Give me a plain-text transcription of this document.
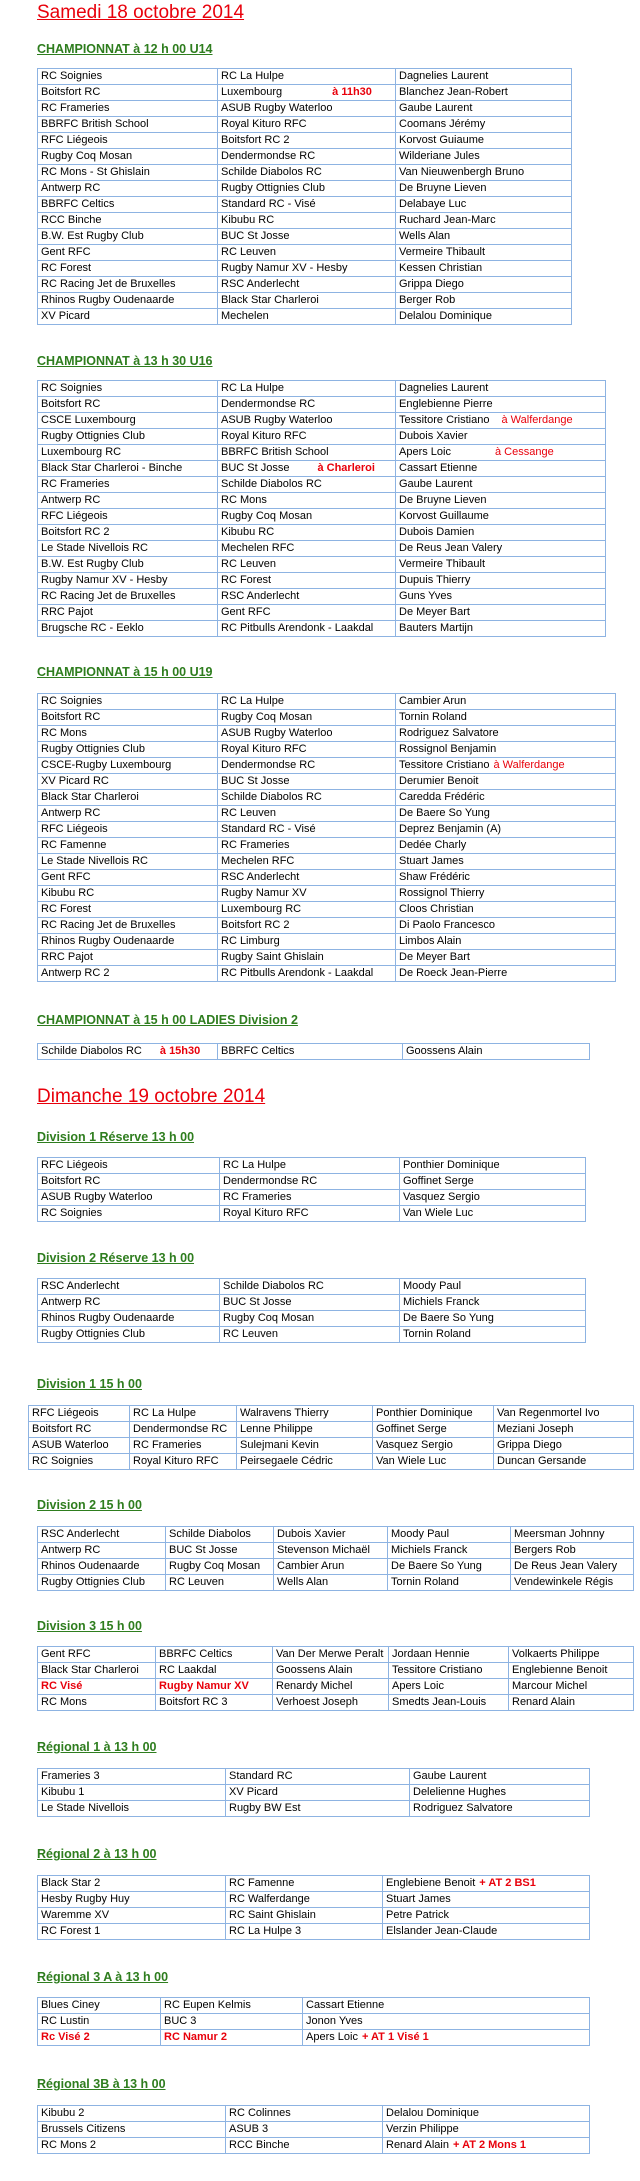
Samedi 18 octobre 2014
CHAMPIONNAT à 12 h 00 U14
RC Soignies	RC La Hulpe	Dagnelies Laurent
Boitsfort RC	Luxembourg à 11h30	Blanchez Jean-Robert
RC Frameries	ASUB Rugby Waterloo	Gaube Laurent
BBRFC British School	Royal Kituro RFC	Coomans Jérémy
RFC Liégeois	Boitsfort RC 2	Korvost Guiaume
Rugby Coq Mosan	Dendermondse RC	Wilderiane Jules
RC Mons - St Ghislain	Schilde Diabolos RC	Van Nieuwenbergh Bruno
Antwerp RC	Rugby Ottignies Club	De Bruyne Lieven
BBRFC Celtics	Standard RC - Visé	Delabaye Luc
RCC Binche	Kibubu RC	Ruchard Jean-Marc
B.W. Est Rugby Club	BUC St Josse	Wells Alan
Gent RFC	RC Leuven	Vermeire Thibault
RC Forest	Rugby Namur XV - Hesby	Kessen Christian
RC Racing Jet de Bruxelles	RSC Anderlecht	Grippa Diego
Rhinos Rugby Oudenaarde	Black Star Charleroi	Berger Rob
XV Picard	Mechelen	Delalou Dominique
CHAMPIONNAT à 13 h 30 U16
RC Soignies	RC La Hulpe	Dagnelies Laurent
Boitsfort RC	Dendermondse RC	Englebienne Pierre
CSCE Luxembourg	ASUB Rugby Waterloo	Tessitore Cristiano à Walferdange
Rugby Ottignies Club	Royal Kituro RFC	Dubois Xavier
Luxembourg RC	BBRFC British School	Apers Loic à Cessange
Black Star Charleroi - Binche	BUC St Josse à Charleroi	Cassart Etienne
RC Frameries	Schilde Diabolos RC	Gaube Laurent
Antwerp RC	RC Mons	De Bruyne Lieven
RFC Liégeois	Rugby Coq Mosan	Korvost Guillaume
Boitsfort RC 2	Kibubu RC	Dubois Damien
Le Stade Nivellois RC	Mechelen RFC	De Reus Jean Valery
B.W. Est Rugby Club	RC Leuven	Vermeire Thibault
Rugby Namur XV - Hesby	RC Forest	Dupuis Thierry
RC Racing Jet de Bruxelles	RSC Anderlecht	Guns Yves
RRC Pajot	Gent RFC	De Meyer Bart
Brugsche RC - Eeklo	RC Pitbulls Arendonk - Laakdal	Bauters Martijn
CHAMPIONNAT à 15 h 00 U19
RC Soignies	RC La Hulpe	Cambier Arun
Boitsfort RC	Rugby Coq Mosan	Tornin Roland
RC Mons	ASUB Rugby Waterloo	Rodriguez Salvatore
Rugby Ottignies Club	Royal Kituro RFC	Rossignol Benjamin
CSCE-Rugby Luxembourg	Dendermondse RC	Tessitore Cristiano à Walferdange
XV Picard RC	BUC St Josse	Derumier Benoit
Black Star Charleroi	Schilde Diabolos RC	Caredda Frédéric
Antwerp RC	RC Leuven	De Baere So Yung
RFC Liégeois	Standard RC - Visé	Deprez Benjamin (A)
RC Famenne	RC Frameries	Dedée Charly
Le Stade Nivellois RC	Mechelen RFC	Stuart James
Gent RFC	RSC Anderlecht	Shaw Frédéric
Kibubu RC	Rugby Namur XV	Rossignol Thierry
RC Forest	Luxembourg RC	Cloos Christian
RC Racing Jet de Bruxelles	Boitsfort RC 2	Di Paolo Francesco
Rhinos Rugby Oudenaarde	RC Limburg	Limbos Alain
RRC Pajot	Rugby Saint Ghislain	De Meyer Bart
Antwerp RC 2	RC Pitbulls Arendonk - Laakdal	De Roeck Jean-Pierre
CHAMPIONNAT à 15 h 00 LADIES Division 2
Schilde Diabolos RC à 15h30	BBRFC Celtics	Goossens Alain
Dimanche 19 octobre 2014
Division 1 Réserve 13 h 00
RFC Liégeois	RC La Hulpe	Ponthier Dominique
Boitsfort RC	Dendermondse RC	Goffinet Serge
ASUB Rugby Waterloo	RC Frameries	Vasquez Sergio
RC Soignies	Royal Kituro RFC	Van Wiele Luc
Division 2 Réserve 13 h 00
RSC Anderlecht	Schilde Diabolos RC	Moody Paul
Antwerp RC	BUC St Josse	Michiels Franck
Rhinos Rugby Oudenaarde	Rugby Coq Mosan	De Baere So Yung
Rugby Ottignies Club	RC Leuven	Tornin Roland
Division 1 15 h 00
RFC Liégeois	RC La Hulpe	Walravens Thierry	Ponthier Dominique	Van Regenmortel Ivo
Boitsfort RC	Dendermondse RC	Lenne Philippe	Goffinet Serge	Meziani Joseph
ASUB Waterloo	RC Frameries	Sulejmani Kevin	Vasquez Sergio	Grippa Diego
RC Soignies	Royal Kituro RFC	Peirsegaele Cédric	Van Wiele Luc	Duncan Gersande
Division 2 15 h 00
RSC Anderlecht	Schilde Diabolos	Dubois Xavier	Moody Paul	Meersman Johnny
Antwerp RC	BUC St Josse	Stevenson Michaël	Michiels Franck	Bergers Rob
Rhinos Oudenaarde	Rugby Coq Mosan	Cambier Arun	De Baere So Yung	De Reus Jean Valery
Rugby Ottignies Club	RC Leuven	Wells Alan	Tornin Roland	Vendewinkele Régis
Division 3 15 h 00
Gent RFC	BBRFC Celtics	Van Der Merwe Peralt	Jordaan Hennie	Volkaerts Philippe
Black Star Charleroi	RC Laakdal	Goossens Alain	Tessitore Cristiano	Englebienne Benoit
RC Visé	Rugby Namur XV	Renardy Michel	Apers Loic	Marcour Michel
RC Mons	Boitsfort RC 3	Verhoest Joseph	Smedts Jean-Louis	Renard Alain
Régional 1 à 13 h 00
Frameries 3	Standard RC	Gaube Laurent
Kibubu 1	XV Picard	Delelienne Hughes
Le Stade Nivellois	Rugby BW Est	Rodriguez Salvatore
Régional 2 à 13 h 00
Black Star 2	RC Famenne	Englebiene Benoit + AT 2 BS1
Hesby Rugby Huy	RC Walferdange	Stuart James
Waremme XV	RC Saint Ghislain	Petre Patrick
RC Forest 1	RC La Hulpe 3	Elslander Jean-Claude
Régional 3 A à 13 h 00
Blues Ciney	RC Eupen Kelmis	Cassart Etienne
RC Lustin	BUC 3	Jonon Yves
Rc Visé 2	RC Namur 2	Apers Loic + AT 1 Visé 1
Régional 3B à 13 h 00
Kibubu 2	RC Colinnes	Delalou Dominique
Brussels Citizens	ASUB 3	Verzin Philippe
RC Mons 2	RCC Binche	Renard Alain + AT 2 Mons 1
